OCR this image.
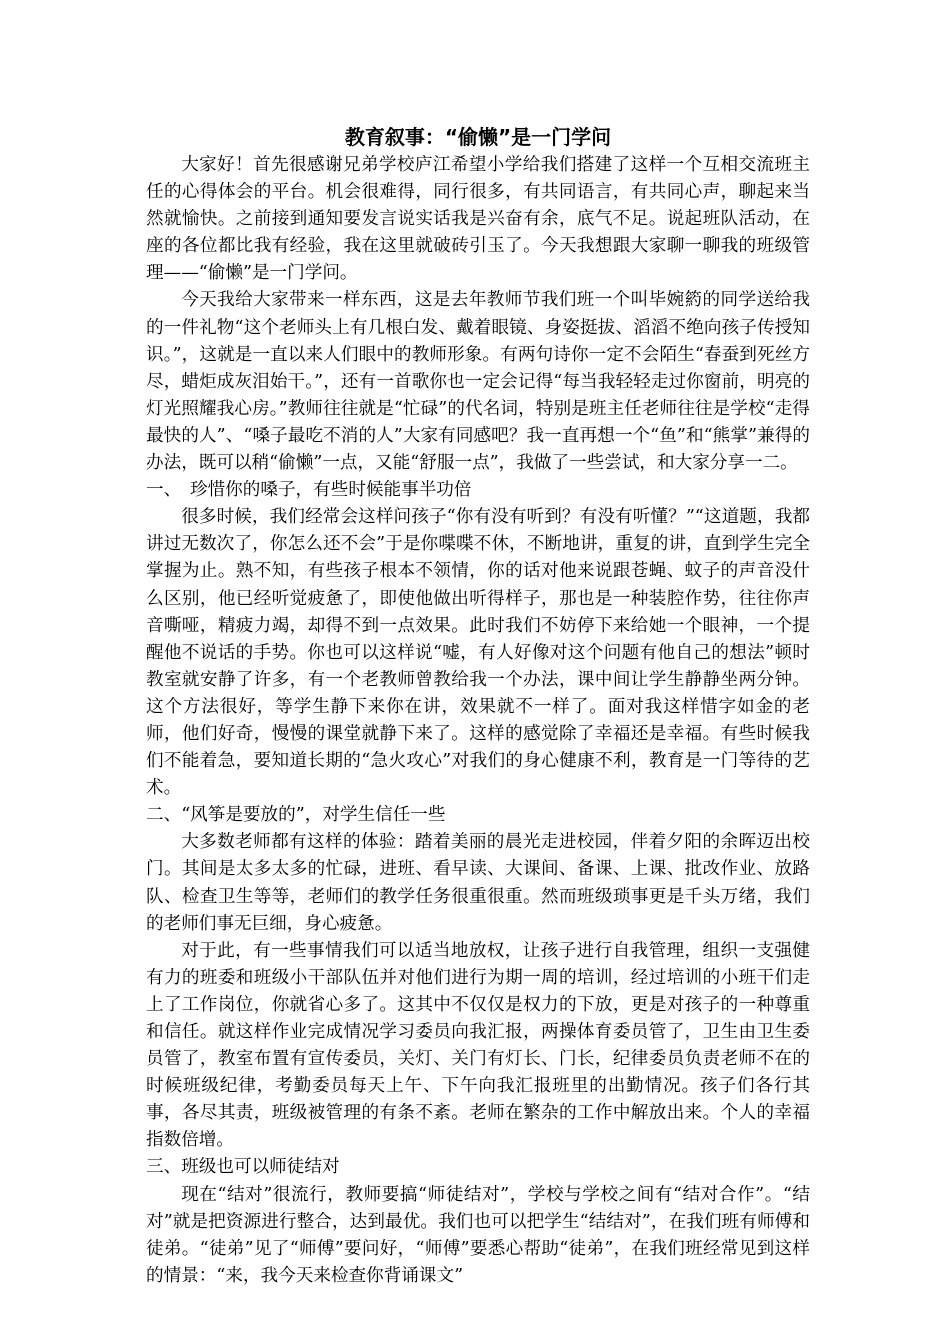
教育叙事：“偷懒”是一门学问

大家好！首先很感谢兄弟学校庐江希望小学给我们搭建了这样一个互相交流班主任的心得体会的平台。机会很难得，同行很多，有共同语言，有共同心声，聊起来当然就愉快。之前接到通知要发言说实话我是兴奋有余，底气不足。说起班队活动，在座的各位都比我有经验，我在这里就破砖引玉了。今天我想跟大家聊一聊我的班级管理——“偷懒”是一门学问。

今天我给大家带来一样东西，这是去年教师节我们班一个叫毕婉箹的同学送给我的一件礼物“这个老师头上有几根白发、戴着眼镜、身姿挺拔、滔滔不绝向孩子传授知识。”，这就是一直以来人们眼中的教师形象。有两句诗你一定不会陌生“春蚕到死丝方尽，蜡炬成灰泪始干。”，还有一首歌你也一定会记得“每当我轻轻走过你窗前，明亮的灯光照耀我心房。”教师往往就是“忙碌”的代名词，特别是班主任老师往往是学校“走得最快的人”、“嗓子最吃不消的人”大家有同感吧？我一直再想一个“鱼”和“熊掌”兼得的办法，既可以稍“偷懒”一点，又能“舒服一点”，我做了一些尝试，和大家分享一二。

一、　珍惜你的嗓子，有些时候能事半功倍

很多时候，我们经常会这样问孩子“你有没有听到？有没有听懂？”“这道题，我都讲过无数次了，你怎么还不会”于是你喋喋不休，不断地讲，重复的讲，直到学生完全掌握为止。熟不知，有些孩子根本不领情，你的话对他来说跟苍蝇、蚊子的声音没什么区别，他已经听觉疲惫了，即使他做出听得样子，那也是一种装腔作势，往往你声音嘶哑，精疲力竭，却得不到一点效果。此时我们不妨停下来给她一个眼神，一个提醒他不说话的手势。你也可以这样说“嘘，有人好像对这个问题有他自己的想法”顿时教室就安静了许多，有一个老教师曾教给我一个办法，课中间让学生静静坐两分钟。这个方法很好，等学生静下来你在讲，效果就不一样了。面对我这样惜字如金的老师，他们好奇，慢慢的课堂就静下来了。这样的感觉除了幸福还是幸福。有些时候我们不能着急，要知道长期的“急火攻心”对我们的身心健康不利，教育是一门等待的艺术。

二、“风筝是要放的”，对学生信任一些

大多数老师都有这样的体验：踏着美丽的晨光走进校园，伴着夕阳的余晖迈出校门。其间是太多太多的忙碌，进班、看早读、大课间、备课、上课、批改作业、放路队、检查卫生等等，老师们的教学任务很重很重。然而班级琐事更是千头万绪，我们的老师们事无巨细，身心疲惫。

对于此，有一些事情我们可以适当地放权，让孩子进行自我管理，组织一支强健有力的班委和班级小干部队伍并对他们进行为期一周的培训，经过培训的小班干们走上了工作岗位，你就省心多了。这其中不仅仅是权力的下放，更是对孩子的一种尊重和信任。就这样作业完成情况学习委员向我汇报，两操体育委员管了，卫生由卫生委员管了，教室布置有宣传委员，关灯、关门有灯长、门长，纪律委员负责老师不在的时候班级纪律，考勤委员每天上午、下午向我汇报班里的出勤情况。孩子们各行其事，各尽其责，班级被管理的有条不紊。老师在繁杂的工作中解放出来。个人的幸福指数倍增。

三、班级也可以师徒结对

现在“结对”很流行，教师要搞“师徒结对”，学校与学校之间有“结对合作”。“结对”就是把资源进行整合，达到最优。我们也可以把学生“结结对”，在我们班有师傅和徒弟。“徒弟”见了“师傅”要问好，“师傅”要悉心帮助“徒弟”，在我们班经常见到这样的情景：“来，我今天来检查你背诵课文”
